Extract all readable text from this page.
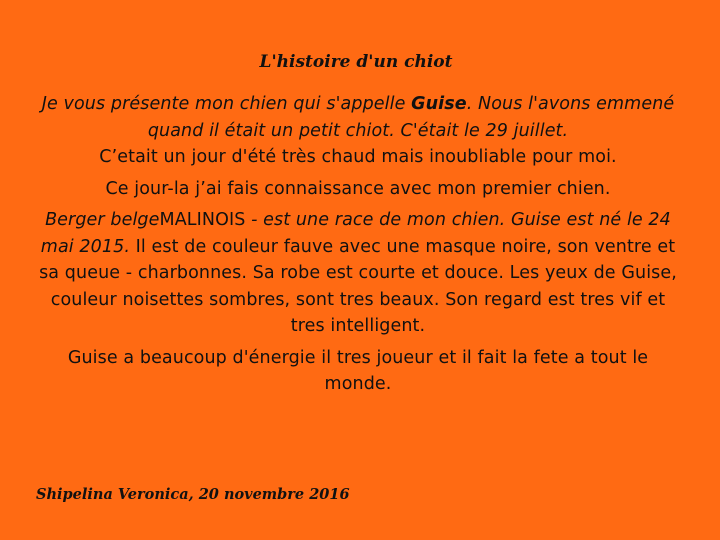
L'histoire d'un chiot

Je vous présente mon chien qui s'appelle Guise. Nous l'avons emmené quand il était un petit chiot. C'était le 29 juillet.
C’etait un jour d'été très chaud mais inoubliable pour moi.

Ce jour-la j’ai fais connaissance avec mon premier chien.

Berger belgeMALINOIS - est une race de mon chien. Guise est né le 24 mai 2015. Il est de couleur fauve avec une masque noire, son ventre et sa queue - charbonnes. Sa robe est courte et douce. Les yeux de Guise, couleur noisettes sombres, sont tres beaux. Son regard est tres vif et tres intelligent.

Guise a beaucoup d'énergie il tres joueur et il fait la fete a tout le monde.

Shipelina Veronica, 20 novembre 2016
